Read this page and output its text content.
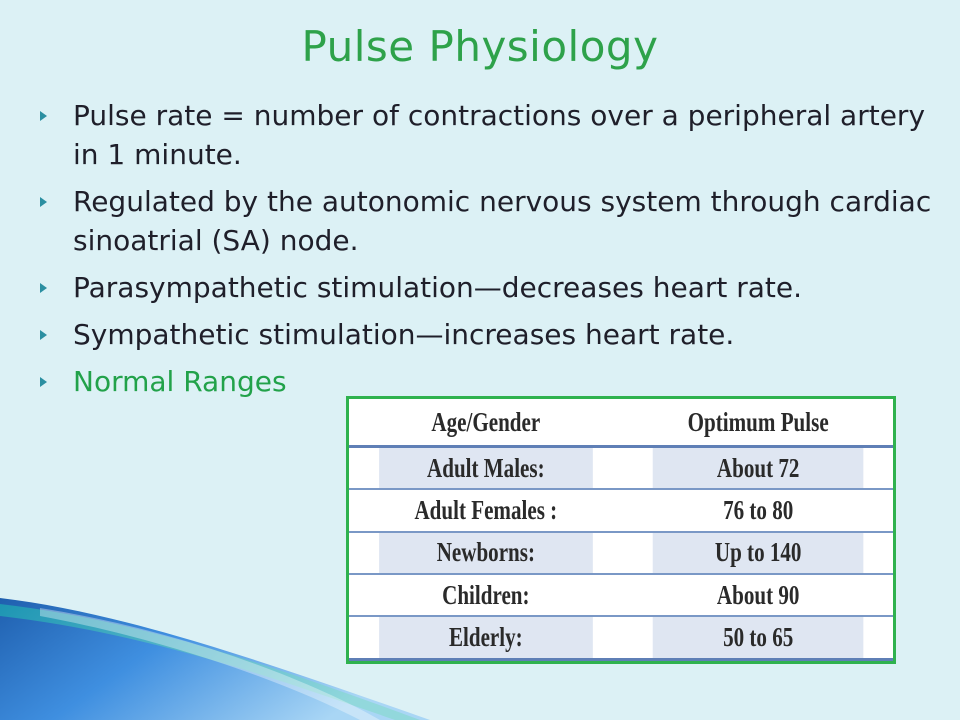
Pulse Physiology
Pulse rate = number of contractions over a peripheral artery in 1 minute.
Regulated by the autonomic nervous system through cardiac sinoatrial (SA) node.
Parasympathetic stimulation—decreases heart rate.
Sympathetic stimulation—increases heart rate.
Normal Ranges
Age/Gender	Optimum Pulse
Adult Males:	About 72
Adult Females :	76 to 80
Newborns:	Up to 140
Children:	About 90
Elderly:	50 to 65
